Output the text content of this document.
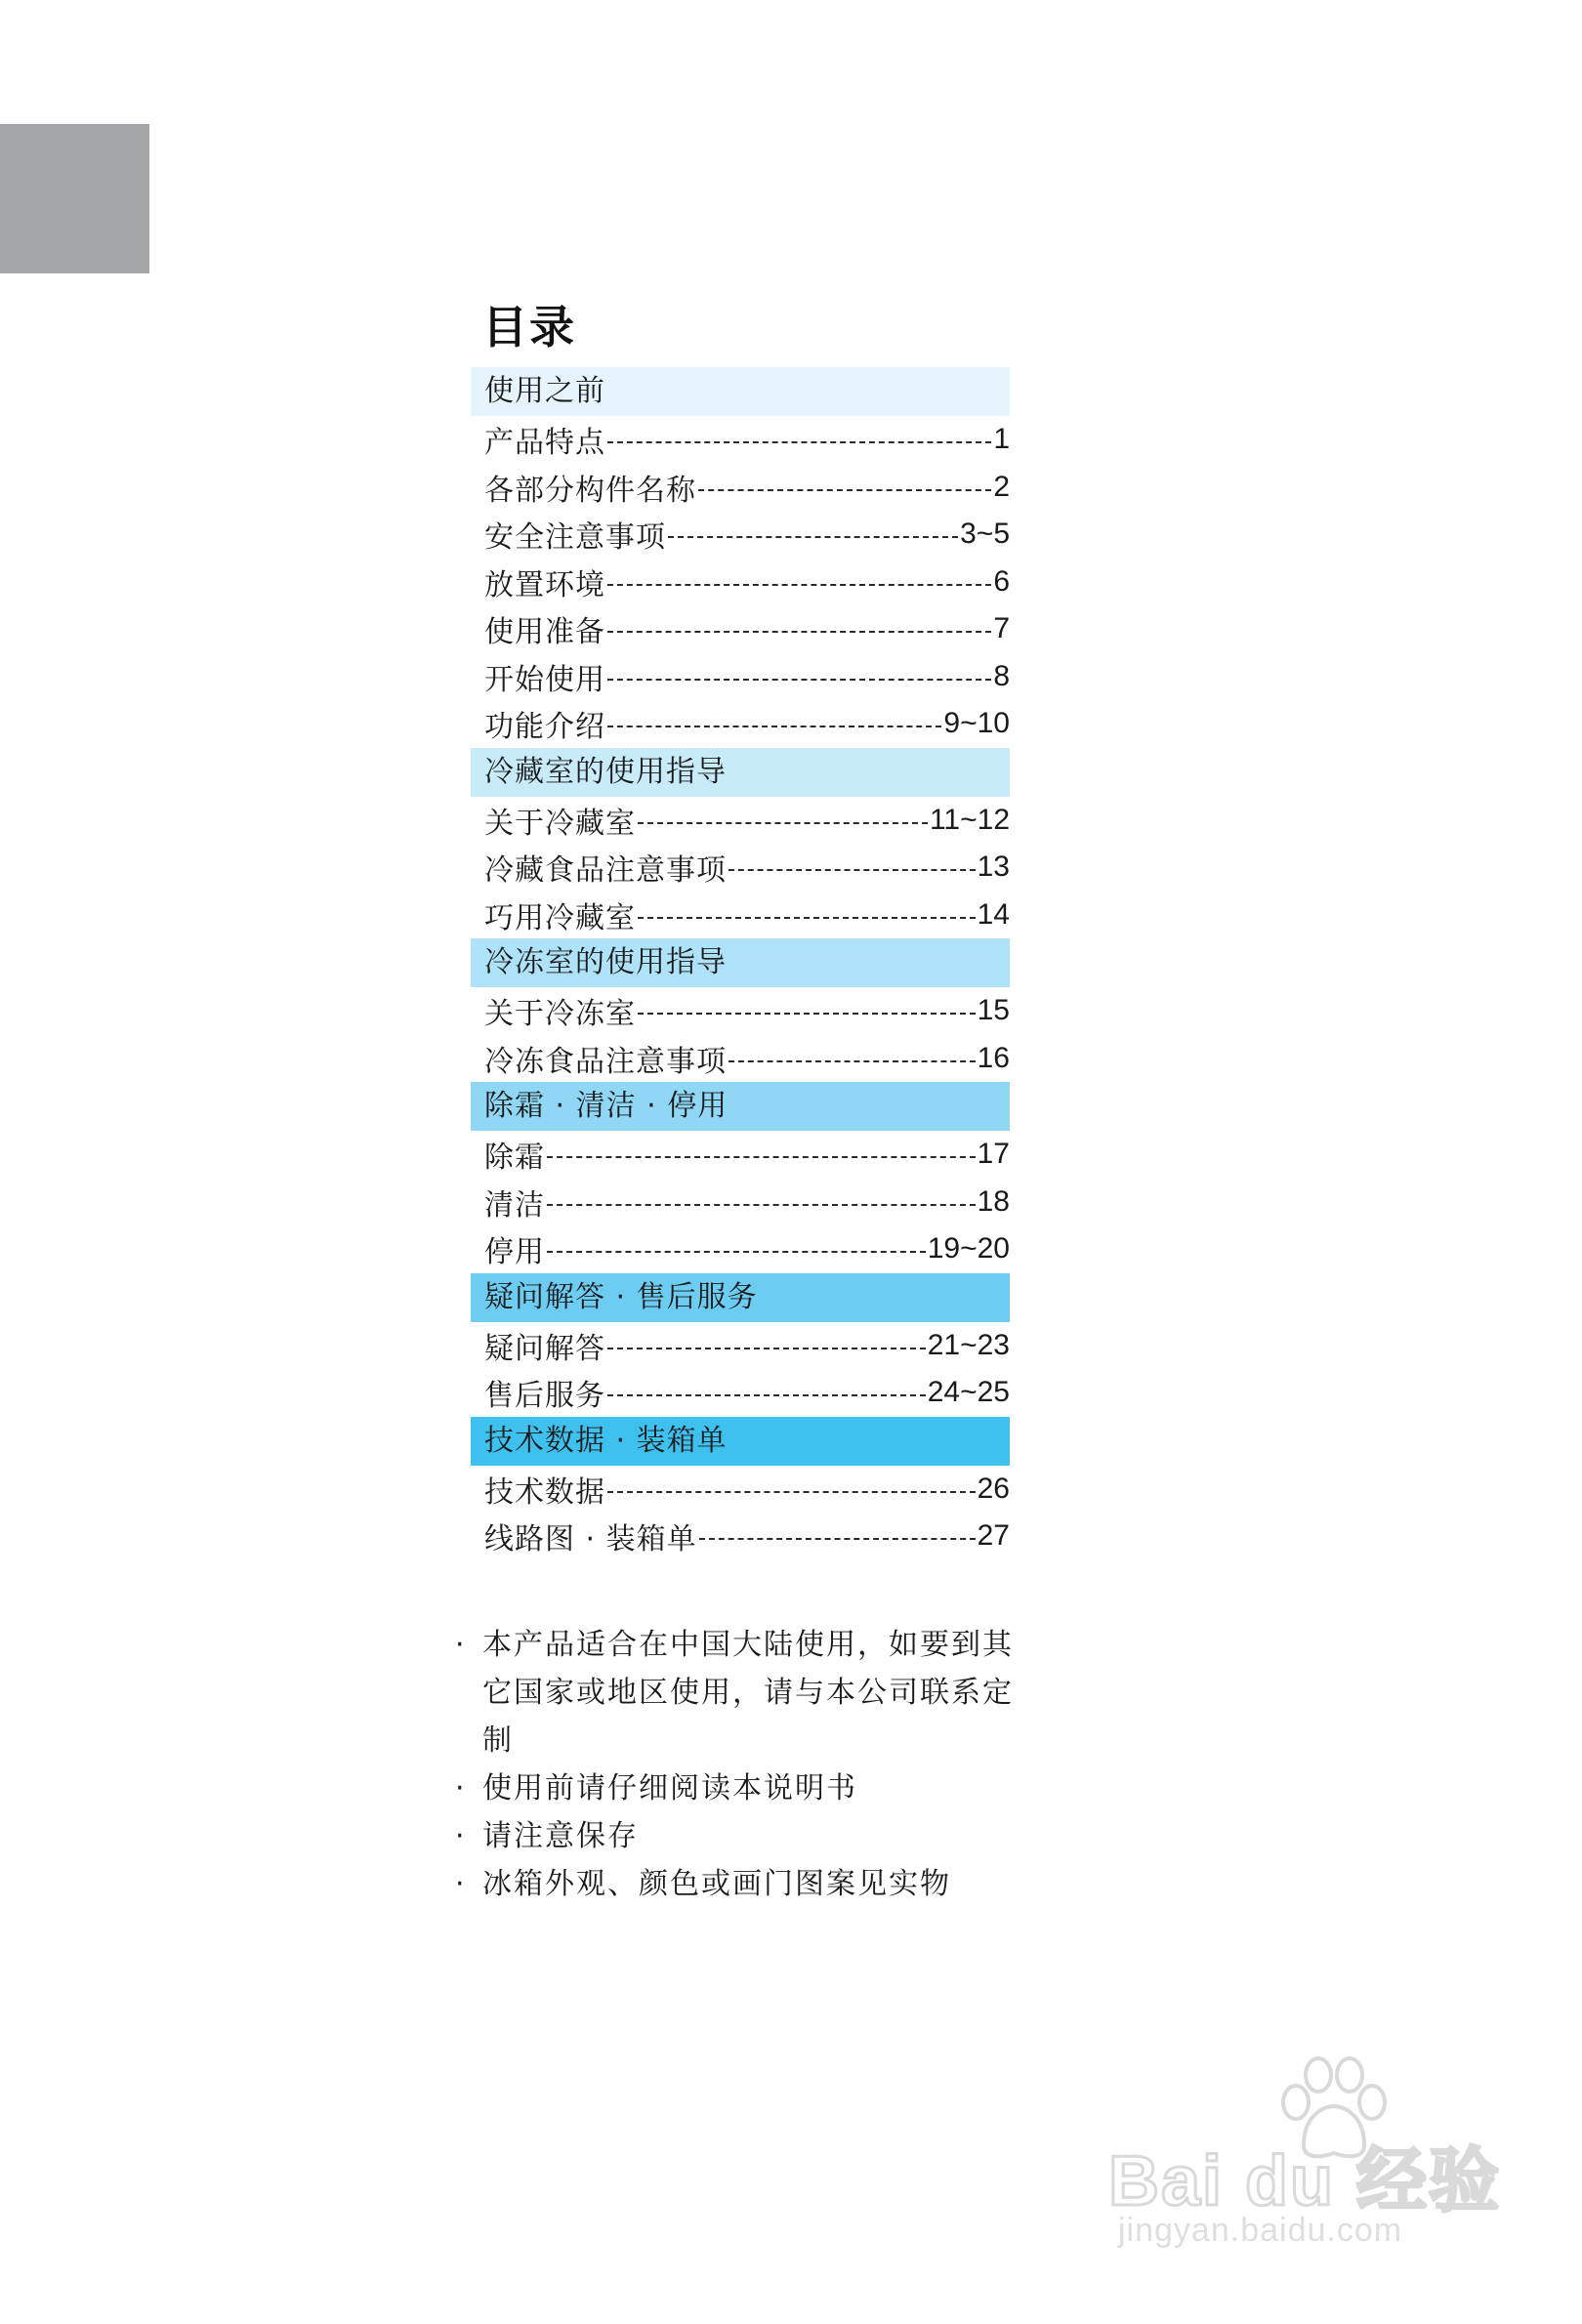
目录
使用之前
产品特点	1
各部分构件名称	2
安全注意事项	3~5
放置环境	6
使用准备	7
开始使用	8
功能介绍	9~10
冷藏室的使用指导
关于冷藏室	11~12
冷藏食品注意事项	13
巧用冷藏室	14
冷冻室的使用指导
关于冷冻室	15
冷冻食品注意事项	16
除霜 · 清洁 · 停用
除霜	17
清洁	18
停用	19~20
疑问解答 · 售后服务
疑问解答	21~23
售后服务	24~25
技术数据 · 装箱单
技术数据	26
线路图 · 装箱单	27
· 本产品适合在中国大陆使用，如要到其它国家或地区使用，请与本公司联系定制
· 使用前请仔细阅读本说明书
· 请注意保存
· 冰箱外观、颜色或画门图案见实物
Bai du 经验
jingyan.baidu.com
